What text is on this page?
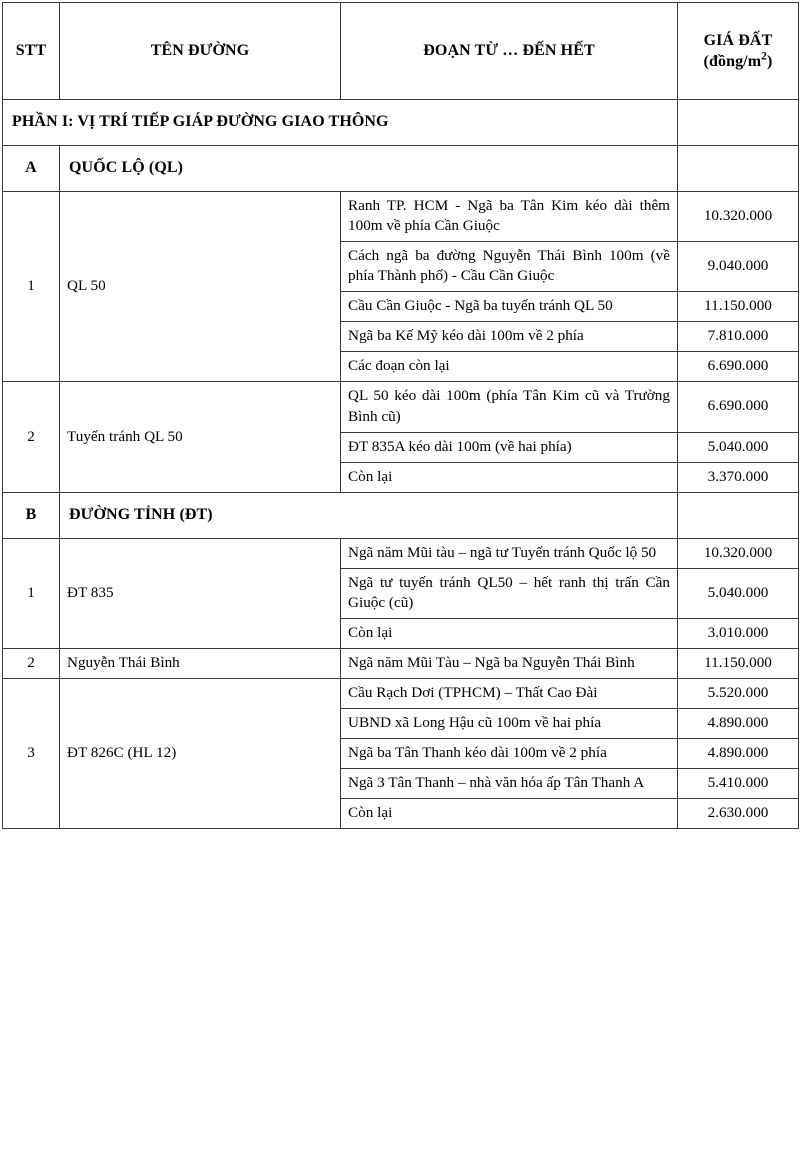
STT	TÊN ĐƯỜNG	ĐOẠN TỪ … ĐẾN HẾT	GIÁ ĐẤT
$(đồng/m^2)$

PHẦN I: VỊ TRÍ TIẾP GIÁP ĐƯỜNG GIAO THÔNG			
A	QUỐC LỘ (QL)		
1	QL 50	Ranh TP. HCM - Ngã ba Tân Kim kéo dài thêm 100m về phía Cần Giuộc	10.320.000
		Cách ngã ba đường Nguyễn Thái Bình 100m (về phía Thành phố) - Cầu Cần Giuộc	9.040.000
		Cầu Cần Giuộc - Ngã ba tuyến tránh QL 50	11.150.000
		Ngã ba Kế Mỹ kéo dài 100m về 2 phía	7.810.000
		Các đoạn còn lại	6.690.000
2	Tuyến tránh QL 50	QL 50 kéo dài 100m (phía Tân Kim cũ và Trường Bình cũ)	6.690.000
		ĐT 835A kéo dài 100m (về hai phía)	5.040.000
		Còn lại	3.370.000
B	ĐƯỜNG TỈNH (ĐT)		
1	ĐT 835	Ngã năm Mũi tàu – ngã tư Tuyến tránh Quốc lộ 50	10.320.000
		Ngã tư tuyến tránh QL50 – hết ranh thị trấn Cần Giuộc (cũ)	5.040.000
		Còn lại	3.010.000
2	Nguyễn Thái Bình	Ngã năm Mũi Tàu – Ngã ba Nguyễn Thái Bình	11.150.000
3	ĐT 826C (HL 12)	Cầu Rạch Dơi (TPHCM) – Thất Cao Đài	5.520.000
		UBND xã Long Hậu cũ 100m về hai phía	4.890.000
		Ngã ba Tân Thanh kéo dài 100m về 2 phía	4.890.000
		Ngã 3 Tân Thanh – nhà văn hóa ấp Tân Thanh A	5.410.000
		Còn lại	2.630.000
